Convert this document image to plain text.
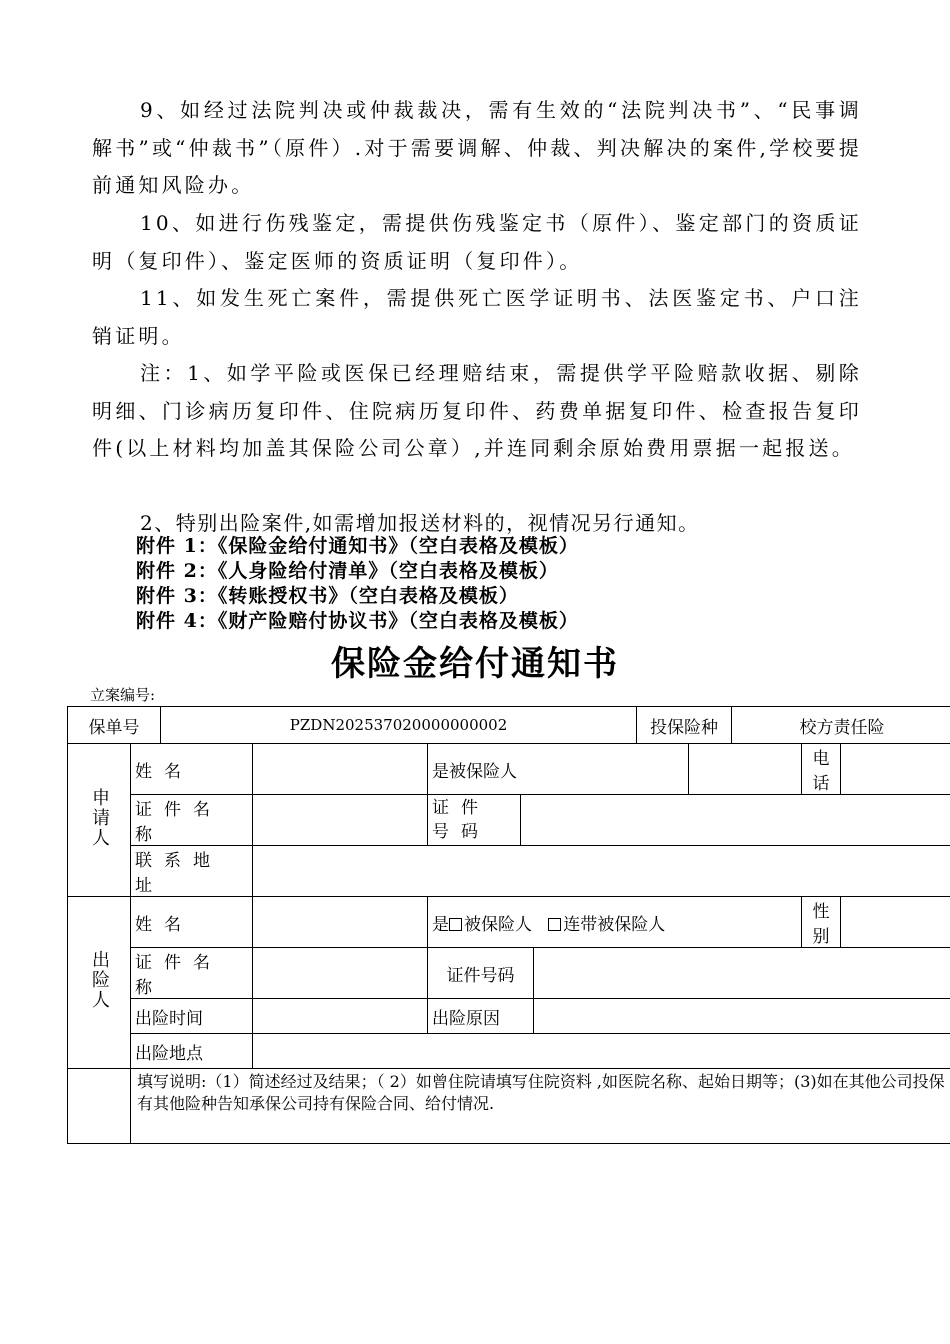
9、如经过法院判决或仲裁裁决，需有生效的“法院判决书”、“民事调解书”或“仲裁书”（原件）.对于需要调解、仲裁、判决解决的案件,学校要提前通知风险办。

10、如进行伤残鉴定，需提供伤残鉴定书（原件）、鉴定部门的资质证明（复印件）、鉴定医师的资质证明（复印件）。

11、如发生死亡案件，需提供死亡医学证明书、法医鉴定书、户口注销证明。

注：1、如学平险或医保已经理赔结束，需提供学平险赔款收据、剔除明细、门诊病历复印件、住院病历复印件、药费单据复印件、检查报告复印件(以上材料均加盖其保险公司公章）,并连同剩余原始费用票据一起报送。

2、特别出险案件,如需增加报送材料的，视情况另行通知。

附件 1：《保险金给付通知书》（空白表格及模板）

附件 2：《人身险给付清单》（空白表格及模板）

附件 3：《转账授权书》（空白表格及模板）

附件 4：《财产险赔付协议书》（空白表格及模板）

保险金给付通知书
立案编号:
保单号		PZDN202537020000000002					投保险种		校方责任险		
申请人	姓名			是被保险人						电话	
	证件名称			证件号码							

	联系地址										
出险人	姓名			是 被保险人 连带被保险人						性别	
	证件名称			证件号码							
	出险时间			出险原因							
	出险地点										
	填写说明:（1）简述经过及结果；（ 2）如曾住院请填写住院资料 ,如医院名称、起始日期等；(3)如在其他公司投保有其他险种告知承保公司持有保险合同、给付情况.										
